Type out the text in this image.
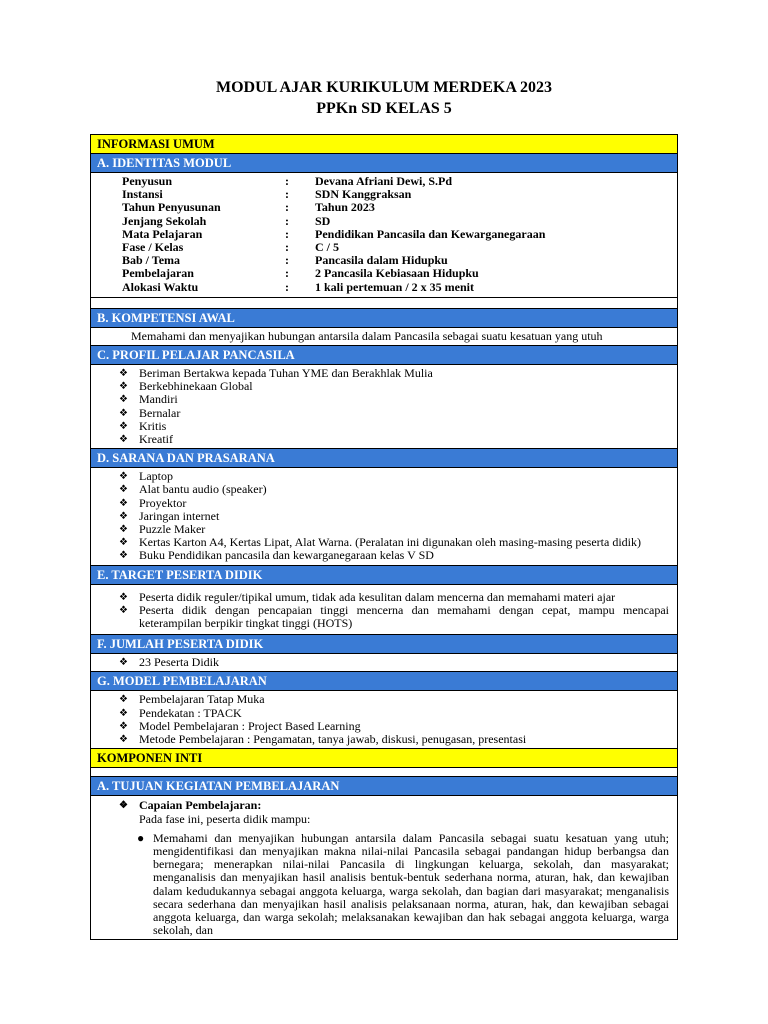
MODUL AJAR KURIKULUM MERDEKA 2023
PPKn SD KELAS 5
INFORMASI UMUM
A. IDENTITAS MODUL
Penyusun	:	Devana Afriani Dewi, S.Pd
Instansi	:	SDN Kanggraksan
Tahun Penyusunan	:	Tahun 2023
Jenjang Sekolah	:	SD
Mata Pelajaran	:	Pendidikan Pancasila dan Kewarganegaraan
Fase / Kelas	:	C / 5
Bab / Tema	:	Pancasila dalam Hidupku
Pembelajaran	:	2 Pancasila Kebiasaan Hidupku
Alokasi Waktu	:	1 kali pertemuan / 2 x 35 menit
B. KOMPETENSI AWAL
Memahami dan menyajikan hubungan antarsila dalam Pancasila sebagai suatu kesatuan yang utuh
C. PROFIL PELAJAR PANCASILA
❖ Beriman Bertakwa kepada Tuhan YME dan Berakhlak Mulia
❖ Berkebhinekaan Global
❖ Mandiri
❖ Bernalar
❖ Kritis
❖ Kreatif
D. SARANA DAN PRASARANA
❖ Laptop
❖ Alat bantu audio (speaker)
❖ Proyektor
❖ Jaringan internet
❖ Puzzle Maker
❖ Kertas Karton A4, Kertas Lipat, Alat Warna. (Peralatan ini digunakan oleh masing-masing peserta didik)
❖ Buku Pendidikan pancasila dan kewarganegaraan kelas V SD
E. TARGET PESERTA DIDIK
❖ Peserta didik reguler/tipikal umum, tidak ada kesulitan dalam mencerna dan memahami materi ajar
❖ Peserta didik dengan pencapaian tinggi mencerna dan memahami dengan cepat, mampu mencapai keterampilan berpikir tingkat tinggi (HOTS)
F. JUMLAH PESERTA DIDIK
❖ 23 Peserta Didik
G. MODEL PEMBELAJARAN
❖ Pembelajaran Tatap Muka
❖ Pendekatan : TPACK
❖ Model Pembelajaran : Project Based Learning
❖ Metode Pembelajaran : Pengamatan, tanya jawab, diskusi, penugasan, presentasi
KOMPONEN INTI
A. TUJUAN KEGIATAN PEMBELAJARAN
❖ Capaian Pembelajaran:
Pada fase ini, peserta didik mampu:
● Memahami dan menyajikan hubungan antarsila dalam Pancasila sebagai suatu kesatuan yang utuh; mengidentifikasi dan menyajikan makna nilai-nilai Pancasila sebagai pandangan hidup berbangsa dan bernegara; menerapkan nilai-nilai Pancasila di lingkungan keluarga, sekolah, dan masyarakat; menganalisis dan menyajikan hasil analisis bentuk-bentuk sederhana norma, aturan, hak, dan kewajiban dalam kedudukannya sebagai anggota keluarga, warga sekolah, dan bagian dari masyarakat; menganalisis secara sederhana dan menyajikan hasil analisis pelaksanaan norma, aturan, hak, dan kewajiban sebagai anggota keluarga, dan warga sekolah; melaksanakan kewajiban dan hak sebagai anggota keluarga, warga sekolah, dan
